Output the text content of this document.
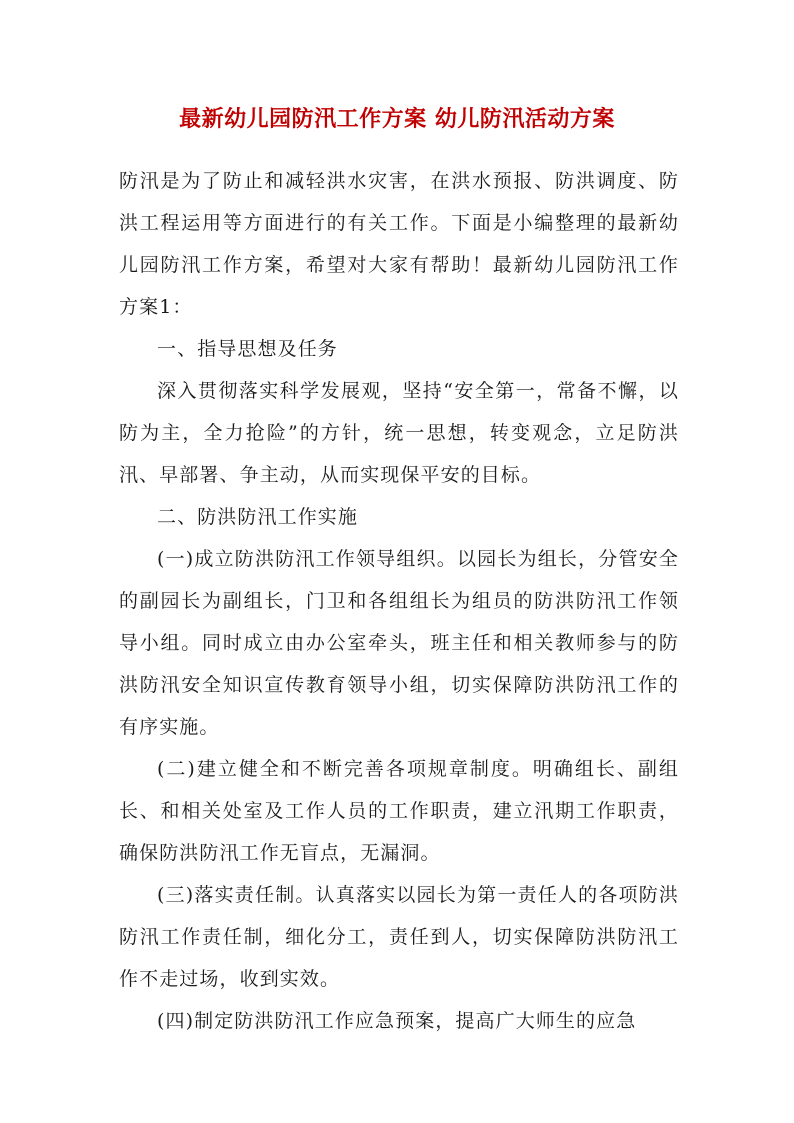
最新幼儿园防汛工作方案 幼儿防汛活动方案

防汛是为了防止和减轻洪水灾害，在洪水预报、防洪调度、防洪工程运用等方面进行的有关工作。下面是小编整理的最新幼儿园防汛工作方案，希望对大家有帮助！最新幼儿园防汛工作方案1：

一、指导思想及任务

深入贯彻落实科学发展观，坚持“安全第一，常备不懈，以防为主，全力抢险”的方针，统一思想，转变观念，立足防洪汛、早部署、争主动，从而实现保平安的目标。

二、防洪防汛工作实施

(一)成立防洪防汛工作领导组织。以园长为组长，分管安全的副园长为副组长，门卫和各组组长为组员的防洪防汛工作领导小组。同时成立由办公室牵头，班主任和相关教师参与的防洪防汛安全知识宣传教育领导小组，切实保障防洪防汛工作的有序实施。

(二)建立健全和不断完善各项规章制度。明确组长、副组长、和相关处室及工作人员的工作职责，建立汛期工作职责，确保防洪防汛工作无盲点，无漏洞。

(三)落实责任制。认真落实以园长为第一责任人的各项防洪防汛工作责任制，细化分工，责任到人，切实保障防洪防汛工作不走过场，收到实效。

(四)制定防洪防汛工作应急预案，提高广大师生的应急
